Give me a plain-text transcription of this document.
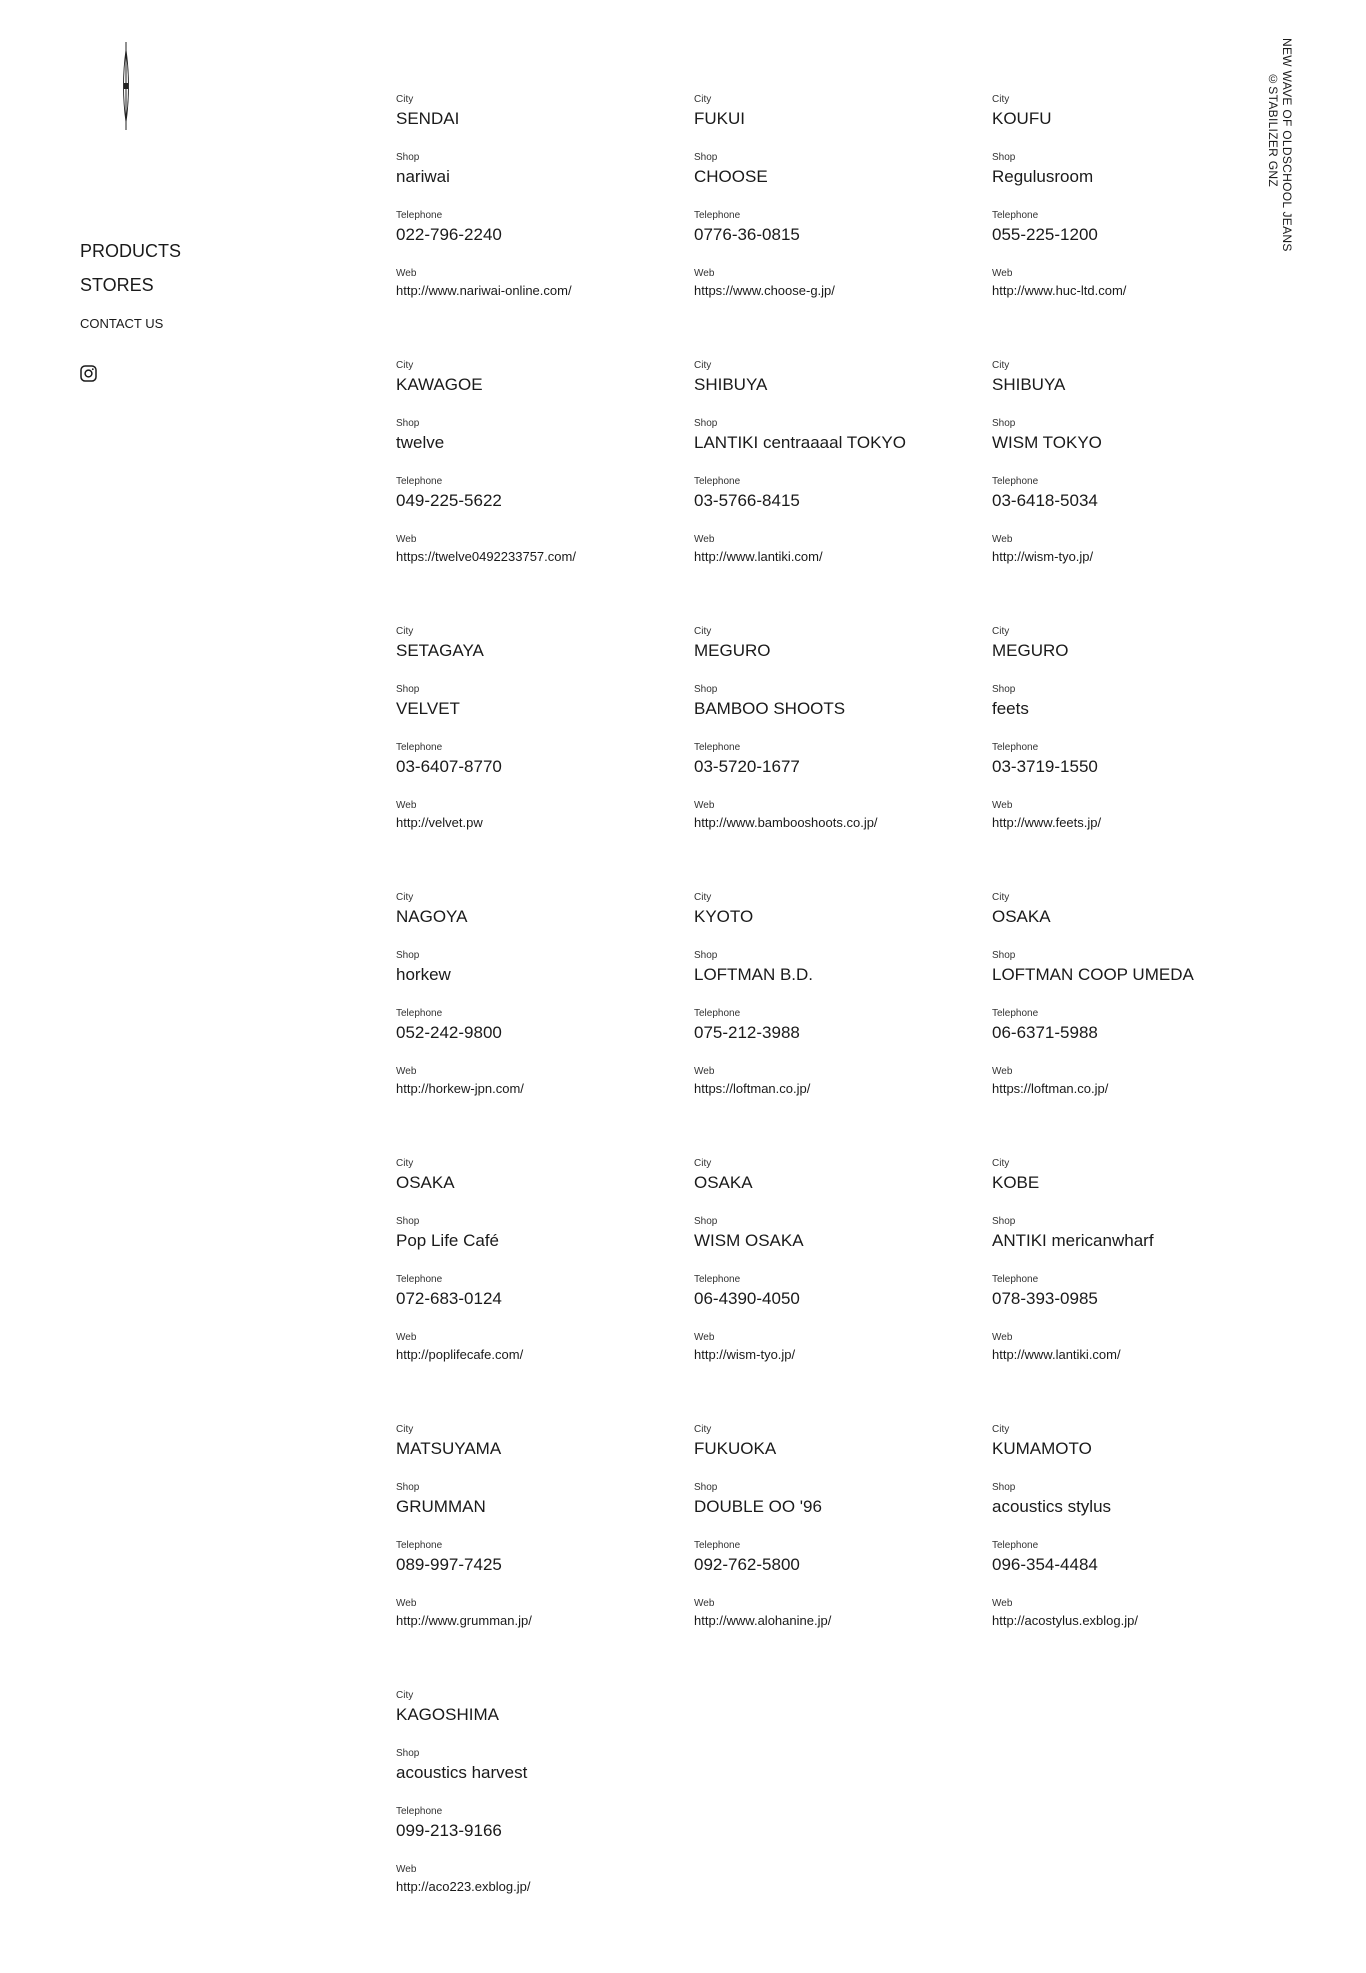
PRODUCTS
STORES
CONTACT US
NEW WAVE OF OLDSCHOOL JEANS
©STABILIZER GNZ

City

SENDAI

Shop

nariwai

Telephone

022-796-2240

Web

http://www.nariwai-online.com/

City

FUKUI

Shop

CHOOSE

Telephone

0776-36-0815

Web

https://www.choose-g.jp/

City

KOUFU

Shop

Regulusroom

Telephone

055-225-1200

Web

http://www.huc-ltd.com/

City

KAWAGOE

Shop

twelve

Telephone

049-225-5622

Web

https://twelve0492233757.com/

City

SHIBUYA

Shop

LANTIKI centraaaal TOKYO

Telephone

03-5766-8415

Web

http://www.lantiki.com/

City

SHIBUYA

Shop

WISM TOKYO

Telephone

03-6418-5034

Web

http://wism-tyo.jp/

City

SETAGAYA

Shop

VELVET

Telephone

03-6407-8770

Web

http://velvet.pw

City

MEGURO

Shop

BAMBOO SHOOTS

Telephone

03-5720-1677

Web

http://www.bambooshoots.co.jp/

City

MEGURO

Shop

feets

Telephone

03-3719-1550

Web

http://www.feets.jp/

City

NAGOYA

Shop

horkew

Telephone

052-242-9800

Web

http://horkew-jpn.com/

City

KYOTO

Shop

LOFTMAN B.D.

Telephone

075-212-3988

Web

https://loftman.co.jp/

City

OSAKA

Shop

LOFTMAN COOP UMEDA

Telephone

06-6371-5988

Web

https://loftman.co.jp/

City

OSAKA

Shop

Pop Life Café

Telephone

072-683-0124

Web

http://poplifecafe.com/

City

OSAKA

Shop

WISM OSAKA

Telephone

06-4390-4050

Web

http://wism-tyo.jp/

City

KOBE

Shop

ANTIKI mericanwharf

Telephone

078-393-0985

Web

http://www.lantiki.com/

City

MATSUYAMA

Shop

GRUMMAN

Telephone

089-997-7425

Web

http://www.grumman.jp/

City

FUKUOKA

Shop

DOUBLE OO '96

Telephone

092-762-5800

Web

http://www.alohanine.jp/

City

KUMAMOTO

Shop

acoustics stylus

Telephone

096-354-4484

Web

http://acostylus.exblog.jp/

City

KAGOSHIMA

Shop

acoustics harvest

Telephone

099-213-9166

Web

http://aco223.exblog.jp/
